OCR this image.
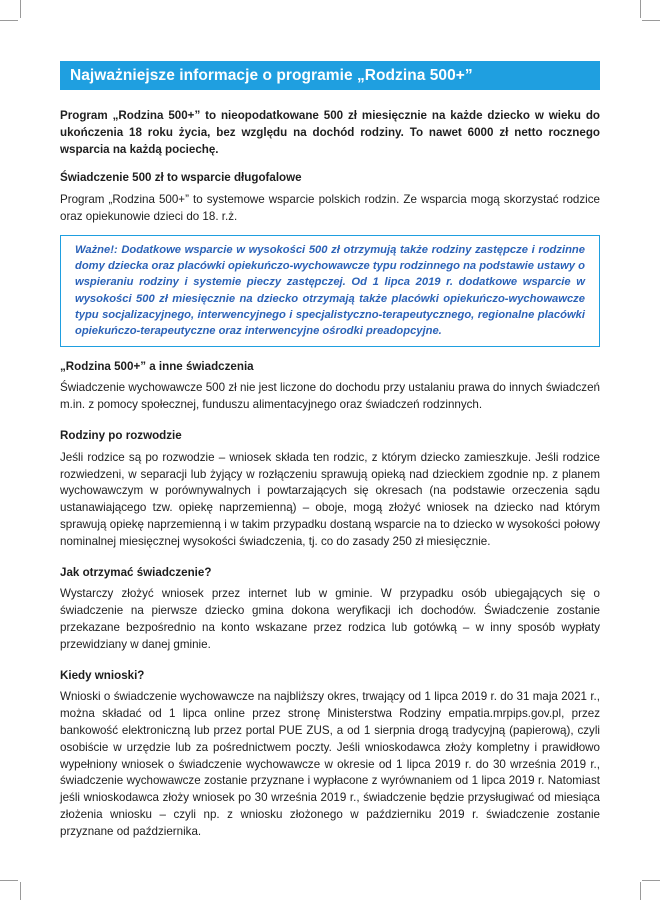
Najważniejsze informacje o programie „Rodzina 500+”

Program „Rodzina 500+” to nieopodatkowane 500 zł miesięcznie na każde dziecko w wieku do ukończenia 18 roku życia, bez względu na dochód rodziny. To nawet 6000 zł netto rocznego wsparcia na każdą pociechę.

Świadczenie 500 zł to wsparcie długofalowe

Program „Rodzina 500+” to systemowe wsparcie polskich rodzin. Ze wsparcia mogą skorzystać rodzice oraz opiekunowie dzieci do 18. r.ż.

Ważne!: Dodatkowe wsparcie w wysokości 500 zł otrzymują także rodziny zastępcze i rodzinne domy dziecka oraz placówki opiekuńczo-wychowawcze typu rodzinnego na podstawie ustawy o wspieraniu rodziny i systemie pieczy zastępczej. Od 1 lipca 2019 r. dodatkowe wsparcie w wysokości 500 zł miesięcznie na dziecko otrzymają także placówki opiekuńczo-wychowawcze typu socjalizacyjnego, interwencyjnego i specjalistyczno-terapeutycznego, regionalne placówki opiekuńczo-terapeutyczne oraz interwencyjne ośrodki preadopcyjne.

„Rodzina 500+” a inne świadczenia

Świadczenie wychowawcze 500 zł nie jest liczone do dochodu przy ustalaniu prawa do innych świadczeń m.in. z pomocy społecznej, funduszu alimentacyjnego oraz świadczeń rodzinnych.

Rodziny po rozwodzie

Jeśli rodzice są po rozwodzie – wniosek składa ten rodzic, z którym dziecko zamieszkuje. Jeśli rodzice rozwiedzeni, w separacji lub żyjący w rozłączeniu sprawują opieką nad dzieckiem zgodnie np. z planem wychowawczym w porównywalnych i powtarzających się okresach (na podstawie orzeczenia sądu ustanawiającego tzw. opiekę naprzemienną) – oboje, mogą złożyć wniosek na dziecko nad którym sprawują opiekę naprzemienną i w takim przypadku dostaną wsparcie na to dziecko w wysokości połowy nominalnej miesięcznej wysokości świadczenia, tj. co do zasady 250 zł miesięcznie.

Jak otrzymać świadczenie?

Wystarczy złożyć wniosek przez internet lub w gminie. W przypadku osób ubiegających się o świadczenie na pierwsze dziecko gmina dokona weryfikacji ich dochodów. Świadczenie zostanie przekazane bezpośrednio na konto wskazane przez rodzica lub gotówką – w inny sposób wypłaty przewidziany w danej gminie.

Kiedy wnioski?

Wnioski o świadczenie wychowawcze na najbliższy okres, trwający od 1 lipca 2019 r. do 31 maja 2021 r., można składać od 1 lipca online przez stronę Ministerstwa Rodziny empatia.mrpips.gov.pl, przez bankowość elektroniczną lub przez portal PUE ZUS, a od 1 sierpnia drogą tradycyjną (papierową), czyli osobiście w urzędzie lub za pośrednictwem poczty. Jeśli wnioskodawca złoży kompletny i prawidłowo wypełniony wniosek o świadczenie wychowawcze w okresie od 1 lipca 2019 r. do 30 września 2019 r., świadczenie wychowawcze zostanie przyznane i wypłacone z wyrównaniem od 1 lipca 2019 r. Natomiast jeśli wnioskodawca złoży wniosek po 30 września 2019 r., świadczenie będzie przysługiwać od miesiąca złożenia wniosku – czyli np. z wniosku złożonego w październiku 2019 r. świadczenie zostanie przyznane od października.
